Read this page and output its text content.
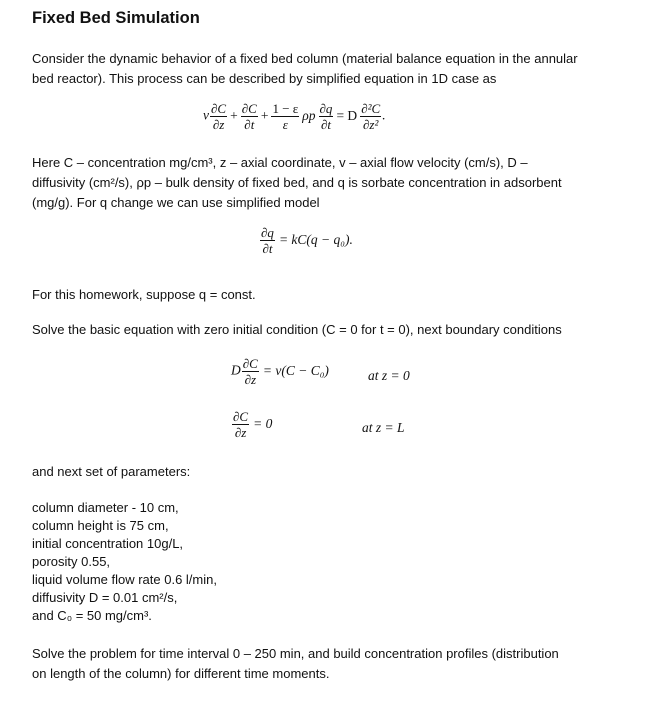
Fixed Bed Simulation
Consider the dynamic behavior of a fixed bed column (material balance equation in the annular
bed reactor). This process can be described by simplified equation in 1D case as
v $\frac{\partial C}{\partial z} + \frac{\partial C}{\partial t} + \frac{1 - \varepsilon}{\varepsilon}$ ρp $\frac{\partial q}{\partial t} = D \frac{\text{∂²C}}{\text{∂z²}}$ .
Here C – concentration mg/cm³, z – axial coordinate, v – axial flow velocity (cm/s), D –
diffusivity (cm²/s), ρp – bulk density of fixed bed, and q is sorbate concentration in adsorbent
(mg/g). For q change we can use simplified model
$\frac{\partial q}{\partial t} = kC(q - q_0)$.
For this homework, suppose q = const.
Solve the basic equation with zero initial condition (C = 0 for t = 0), next boundary conditions
D $\frac{\partial C}{\partial z} = v(C - C_0)$	at z = 0
$\frac{\partial C}{\partial z} = 0$	at z = L
and next set of parameters:
column diameter - 10 cm,
column height is 75 cm,
initial concentration 10g/L,
porosity 0.55,
liquid volume flow rate 0.6 l/min,
diffusivity D = 0.01 cm²/s,
and C₀ = 50 mg/cm³.
Solve the problem for time interval 0 – 250 min, and build concentration profiles (distribution
on length of the column) for different time moments.
